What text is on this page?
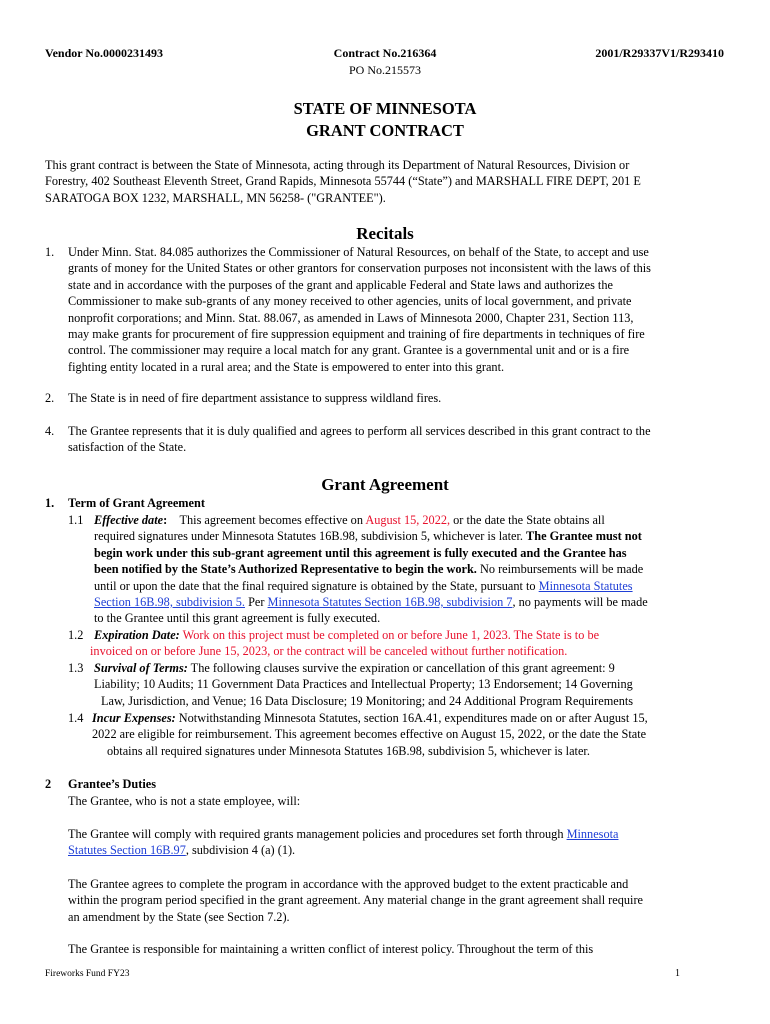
Vendor No.0000231493	Contract No.216364
PO No.215573
2001/R29337V1/R293410
STATE OF MINNESOTA
GRANT CONTRACT
This grant contract is between the State of Minnesota, acting through its Department of Natural Resources, Division or
Forestry, 402 Southeast Eleventh Street, Grand Rapids, Minnesota 55744 (“State”) and MARSHALL FIRE DEPT, 201 E
SARATOGA BOX 1232, MARSHALL, MN 56258- ("GRANTEE").
Recitals
1. Under Minn. Stat. 84.085 authorizes the Commissioner of Natural Resources, on behalf of the State, to accept and use
grants of money for the United States or other grantors for conservation purposes not inconsistent with the laws of this
state and in accordance with the purposes of the grant and applicable Federal and State laws and authorizes the
Commissioner to make sub-grants of any money received to other agencies, units of local government, and private
nonprofit corporations; and Minn. Stat. 88.067, as amended in Laws of Minnesota 2000, Chapter 231, Section 113,
may make grants for procurement of fire suppression equipment and training of fire departments in techniques of fire
control. The commissioner may require a local match for any grant. Grantee is a governmental unit and or is a fire
fighting entity located in a rural area; and the State is empowered to enter into this grant.
2. The State is in need of fire department assistance to suppress wildland fires.
4. The Grantee represents that it is duly qualified and agrees to perform all services described in this grant contract to the
satisfaction of the State.
Grant Agreement
1. Term of Grant Agreement
1.1 Effective date: This agreement becomes effective on August 15, 2022, or the date the State obtains all
required signatures under Minnesota Statutes 16B.98, subdivision 5, whichever is later. The Grantee must not
begin work under this sub-grant agreement until this agreement is fully executed and the Grantee has
been notified by the State’s Authorized Representative to begin the work. No reimbursements will be made
until or upon the date that the final required signature is obtained by the State, pursuant to Minnesota Statutes
Section 16B.98, subdivision 5. Per Minnesota Statutes Section 16B.98, subdivision 7, no payments will be made
to the Grantee until this grant agreement is fully executed.
1.2 Expiration Date: Work on this project must be completed on or before June 1, 2023. The State is to be
invoiced on or before June 15, 2023, or the contract will be canceled without further notification.
1.3 Survival of Terms: The following clauses survive the expiration or cancellation of this grant agreement: 9
Liability; 10 Audits; 11 Government Data Practices and Intellectual Property; 13 Endorsement; 14 Governing
Law, Jurisdiction, and Venue; 16 Data Disclosure; 19 Monitoring; and 24 Additional Program Requirements
1.4 Incur Expenses: Notwithstanding Minnesota Statutes, section 16A.41, expenditures made on or after August 15,
2022 are eligible for reimbursement. This agreement becomes effective on August 15, 2022, or the date the State
obtains all required signatures under Minnesota Statutes 16B.98, subdivision 5, whichever is later.
2 Grantee’s Duties
The Grantee, who is not a state employee, will:
The Grantee will comply with required grants management policies and procedures set forth through Minnesota
Statutes Section 16B.97, subdivision 4 (a) (1).
The Grantee agrees to complete the program in accordance with the approved budget to the extent practicable and
within the program period specified in the grant agreement. Any material change in the grant agreement shall require
an amendment by the State (see Section 7.2).
The Grantee is responsible for maintaining a written conflict of interest policy. Throughout the term of this
Fireworks Fund FY23	1
